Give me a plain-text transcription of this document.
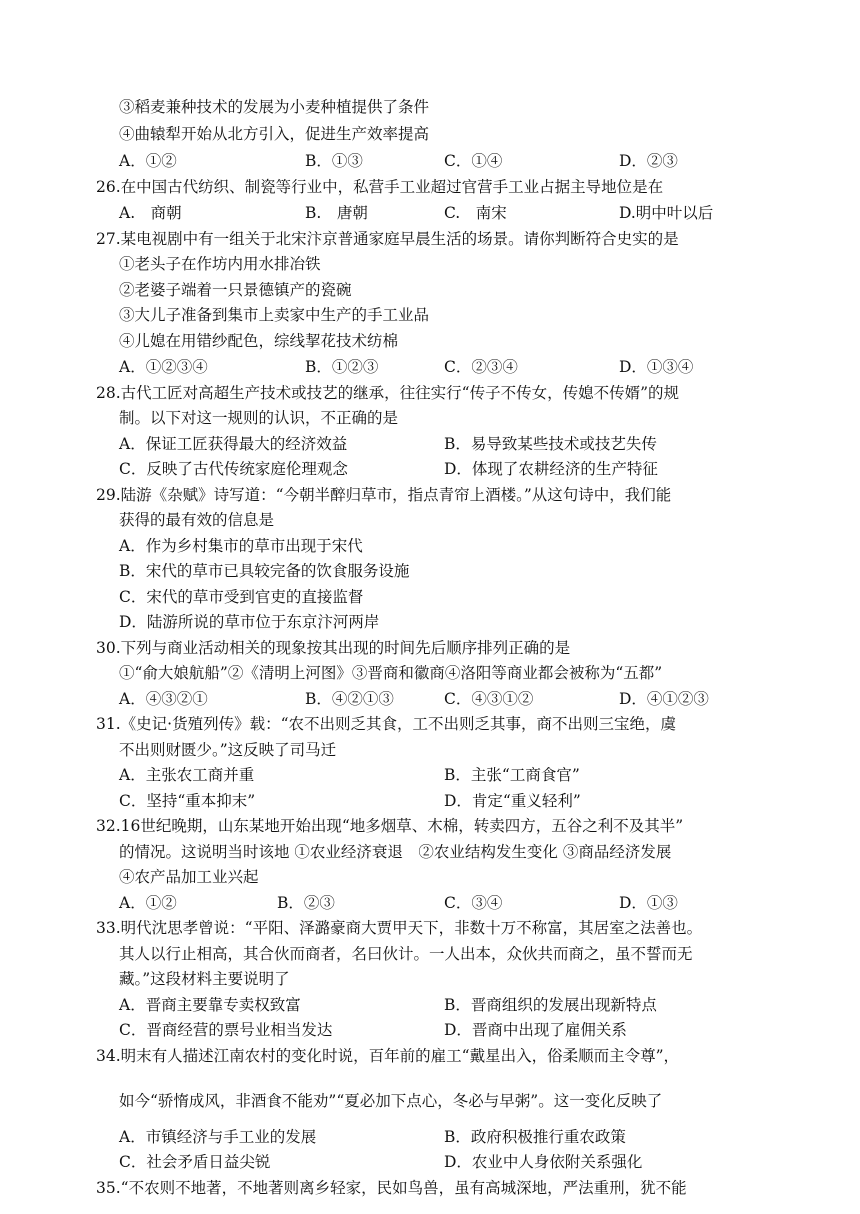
③稻麦兼种技术的发展为小麦种植提供了条件
④曲辕犁开始从北方引入，促进生产效率提高
A．①②	B．①③	C．①④	D．②③
26.在中国古代纺织、制瓷等行业中，私营手工业超过官营手工业占据主导地位是在
A.　商朝	B.　唐朝	C.　南宋	D.明中叶以后
27.某电视剧中有一组关于北宋汴京普通家庭早晨生活的场景。请你判断符合史实的是
①老头子在作坊内用水排冶铁
②老婆子端着一只景德镇产的瓷碗
③大儿子准备到集市上卖家中生产的手工业品
④儿媳在用错纱配色，综线挈花技术纺棉
A．①②③④	B．①②③	C．②③④	D．①③④
28.古代工匠对高超生产技术或技艺的继承，往往实行“传子不传女，传媳不传婿”的规
制。以下对这一规则的认识，不正确的是
A．保证工匠获得最大的经济效益	B．易导致某些技术或技艺失传
C．反映了古代传统家庭伦理观念	D．体现了农耕经济的生产特征
29.陆游《杂赋》诗写道：“今朝半醉归草市，指点青帘上酒楼。”从这句诗中，我们能
获得的最有效的信息是
A．作为乡村集市的草市出现于宋代
B．宋代的草市已具较完备的饮食服务设施
C．宋代的草市受到官吏的直接监督
D．陆游所说的草市位于东京汴河两岸
30.下列与商业活动相关的现象按其出现的时间先后顺序排列正确的是
①“俞大娘航船”②《清明上河图》③晋商和徽商④洛阳等商业都会被称为“五都”
A．④③②①	B．④②①③	C．④③①②	D．④①②③
31.《史记·货殖列传》载：“农不出则乏其食，工不出则乏其事，商不出则三宝绝，虞
不出则财匮少。”这反映了司马迁
A．主张农工商并重	B．主张“工商食官”
C．坚持“重本抑末”	D．肯定“重义轻利”
32.16世纪晚期，山东某地开始出现“地多烟草、木棉，转卖四方，五谷之利不及其半”
的情况。这说明当时该地 ①农业经济衰退　②农业结构发生变化 ③商品经济发展
④农产品加工业兴起
A．①②	B．②③	C．③④	D．①③
33.明代沈思孝曾说：“平阳、泽潞豪商大贾甲天下，非数十万不称富，其居室之法善也。
其人以行止相高，其合伙而商者，名曰伙计。一人出本，众伙共而商之，虽不誓而无
藏。”这段材料主要说明了
A．晋商主要靠专卖权致富	B．晋商组织的发展出现新特点
C．晋商经营的票号业相当发达	D．晋商中出现了雇佣关系
34.明末有人描述江南农村的变化时说，百年前的雇工“戴星出入，俗柔顺而主令尊”，
如今“骄惰成风，非酒食不能劝”“夏必加下点心，冬必与早粥”。这一变化反映了
A．市镇经济与手工业的发展	B．政府积极推行重农政策
C．社会矛盾日益尖锐	D．农业中人身依附关系强化
35.“不农则不地著，不地著则离乡轻家，民如鸟兽，虽有高城深地，严法重刑，犹不能
